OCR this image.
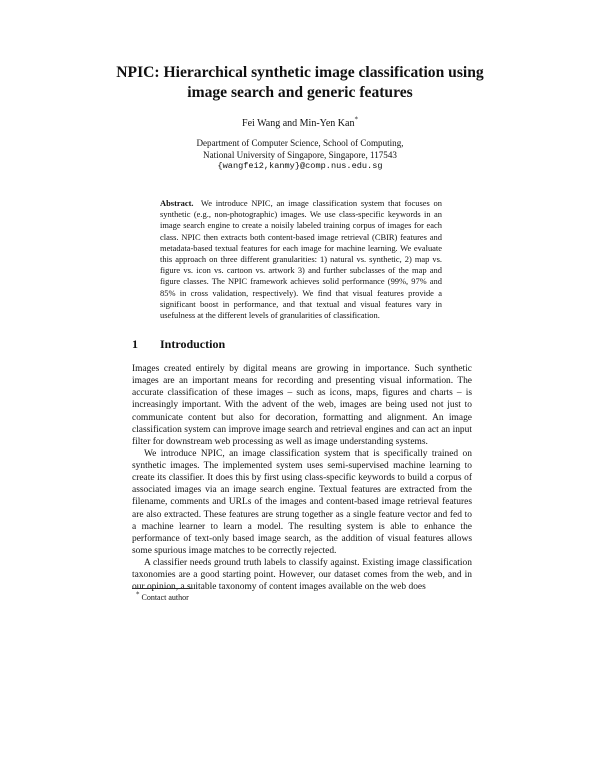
NPIC: Hierarchical synthetic image classification using
image search and generic features
Fei Wang and Min-Yen Kan*
Department of Computer Science, School of Computing,
National University of Singapore, Singapore, 117543
{wangfei2,kanmy}@comp.nus.edu.sg
Abstract. We introduce NPIC, an image classification system that focuses on synthetic (e.g., non-photographic) images. We use class-specific keywords in an image search engine to create a noisily labeled training corpus of images for each class. NPIC then extracts both content-based image retrieval (CBIR) features and metadata-based textual features for each image for machine learning. We evaluate this approach on three different granularities: 1) natural vs. synthetic, 2) map vs. figure vs. icon vs. cartoon vs. artwork 3) and further subclasses of the map and figure classes. The NPIC framework achieves solid performance (99%, 97% and 85% in cross validation, respectively). We find that visual features provide a significant boost in performance, and that textual and visual features vary in usefulness at the different levels of granularities of classification.
1 Introduction

Images created entirely by digital means are growing in importance. Such synthetic images are an important means for recording and presenting visual information. The accurate classification of these images – such as icons, maps, figures and charts – is increasingly important. With the advent of the web, images are being used not just to communicate content but also for decoration, formatting and alignment. An image classification system can improve image search and retrieval engines and can act an input filter for downstream web processing as well as image understanding systems.

We introduce NPIC, an image classification system that is specifically trained on synthetic images. The implemented system uses semi-supervised machine learning to create its classifier. It does this by first using class-specific keywords to build a corpus of associated images via an image search engine. Textual features are extracted from the filename, comments and URLs of the images and content-based image retrieval features are also extracted. These features are strung together as a single feature vector and fed to a machine learner to learn a model. The resulting system is able to enhance the performance of text-only based image search, as the addition of visual features allows some spurious image matches to be correctly rejected.

A classifier needs ground truth labels to classify against. Existing image classification taxonomies are a good starting point. However, our dataset comes from the web, and in our opinion, a suitable taxonomy of content images available on the web does

* Contact author
